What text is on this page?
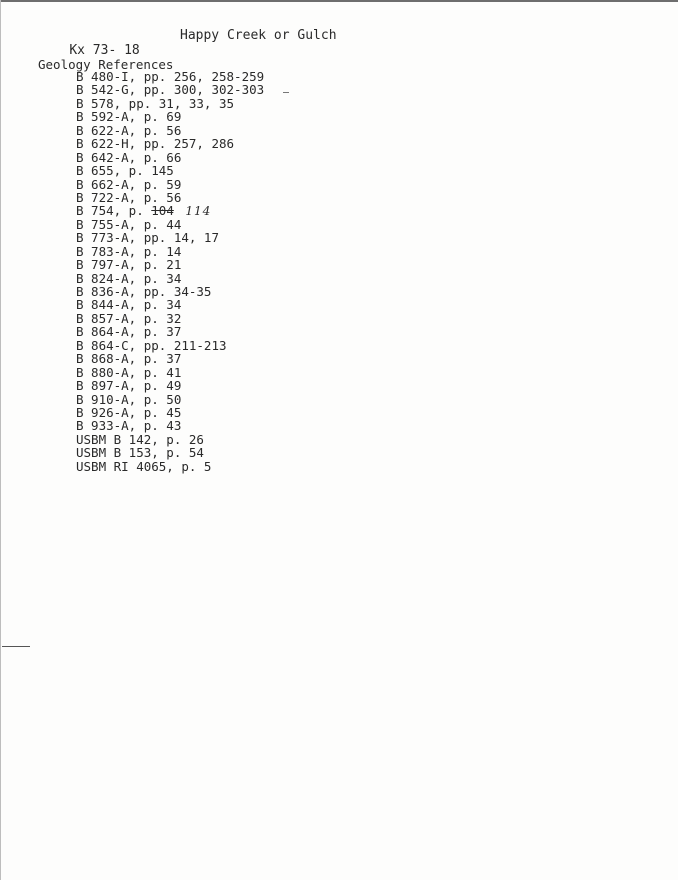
Kx 73- 18

Happy Creek or Gulch

Geology References
B 480-I, pp. 256, 258-259
B 542-G, pp. 300, 302-303
B 578, pp. 31, 33, 35
B 592-A, p. 69
B 622-A, p. 56
B 622-H, pp. 257, 286
B 642-A, p. 66
B 655, p. 145
B 662-A, p. 59
B 722-A, p. 56
B 754, p. 104 114
B 755-A, p. 44
B 773-A, pp. 14, 17
B 783-A, p. 14
B 797-A, p. 21
B 824-A, p. 34
B 836-A, pp. 34-35
B 844-A, p. 34
B 857-A, p. 32
B 864-A, p. 37
B 864-C, pp. 211-213
B 868-A, p. 37
B 880-A, p. 41
B 897-A, p. 49
B 910-A, p. 50
B 926-A, p. 45
B 933-A, p. 43
USBM B 142, p. 26
USBM B 153, p. 54
USBM RI 4065, p. 5
